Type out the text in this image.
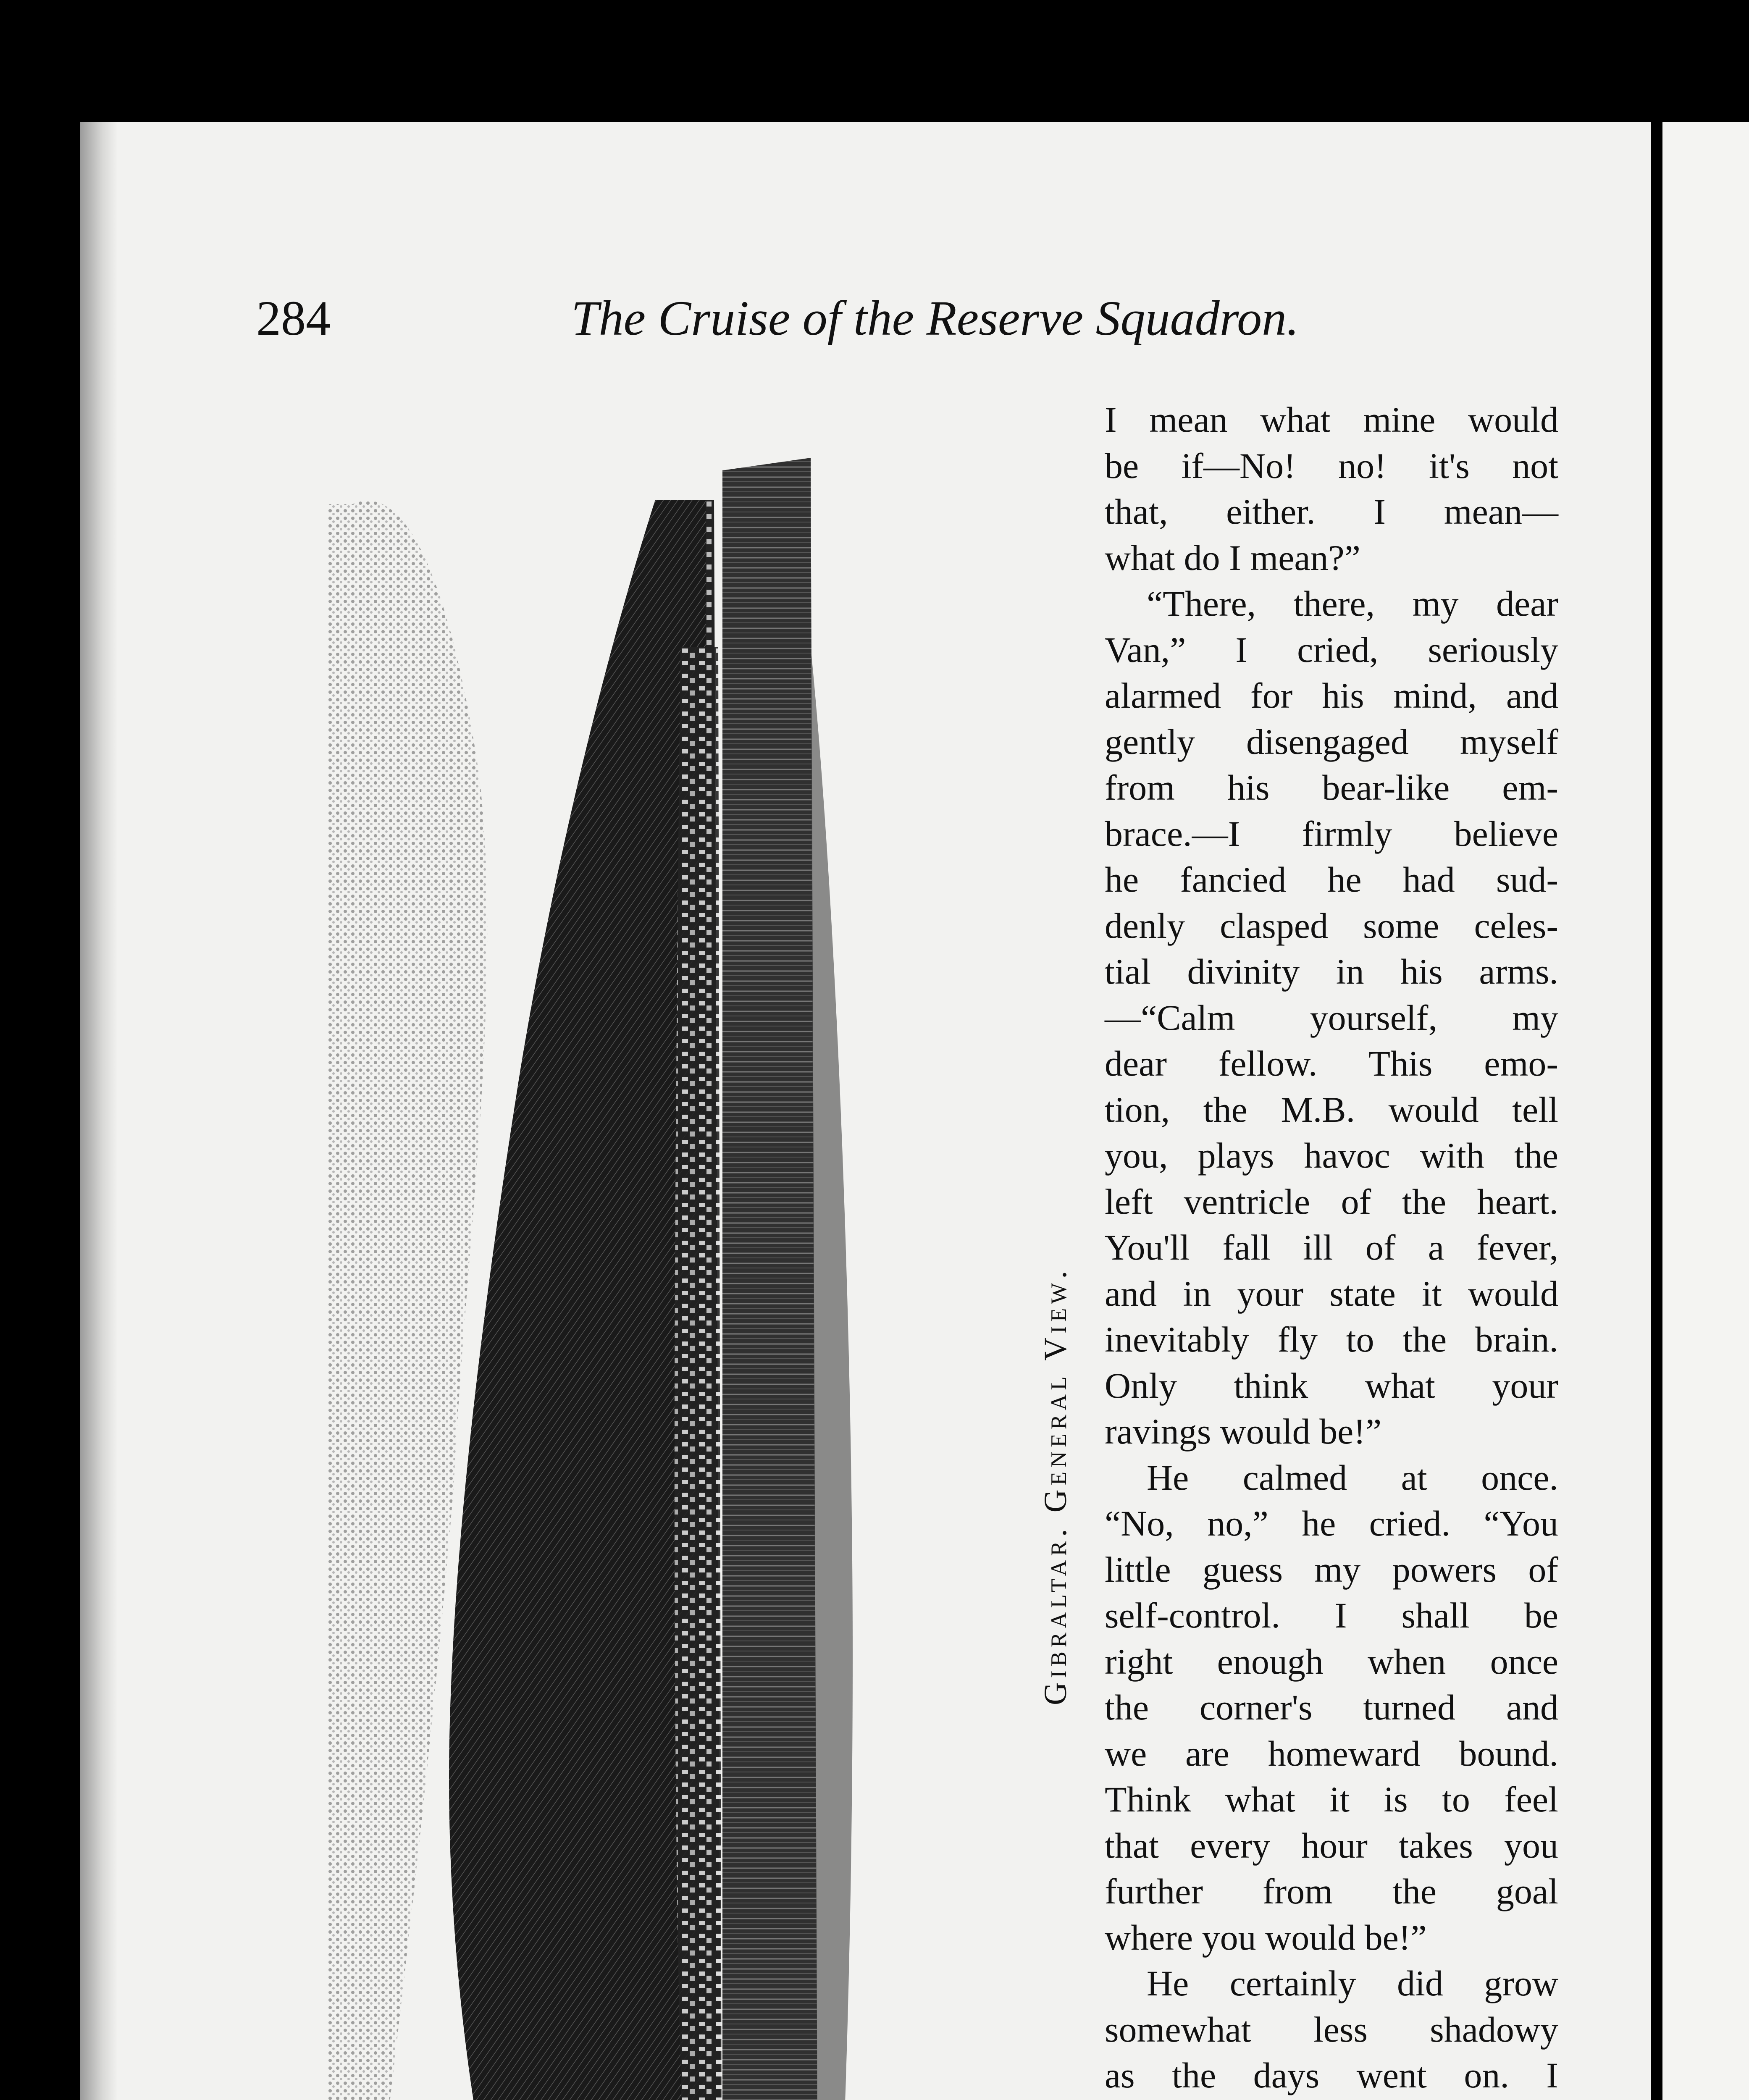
284	The Cruise of the Reserve Squadron.
Gibraltar. General View.
I mean what mine would
be if—No! no! it's not
that, either. I mean—
what do I mean?”
“There, there, my dear
Van,” I cried, seriously
alarmed for his mind, and
gently disengaged myself
from his bear-like em-
brace.—I firmly believe
he fancied he had sud-
denly clasped some celes-
tial divinity in his arms.
—“Calm yourself, my
dear fellow. This emo-
tion, the M.B. would tell
you, plays havoc with the
left ventricle of the heart.
You'll fall ill of a fever,
and in your state it would
inevitably fly to the brain.
Only think what your
ravings would be!”
He calmed at once.
“No, no,” he cried. “You
little guess my powers of
self-control. I shall be
right enough when once
the corner's turned and
we are homeward bound.
Think what it is to feel
that every hour takes you
further from the goal
where you would be!”
He certainly did grow
somewhat less shadowy
as the days went on. I
